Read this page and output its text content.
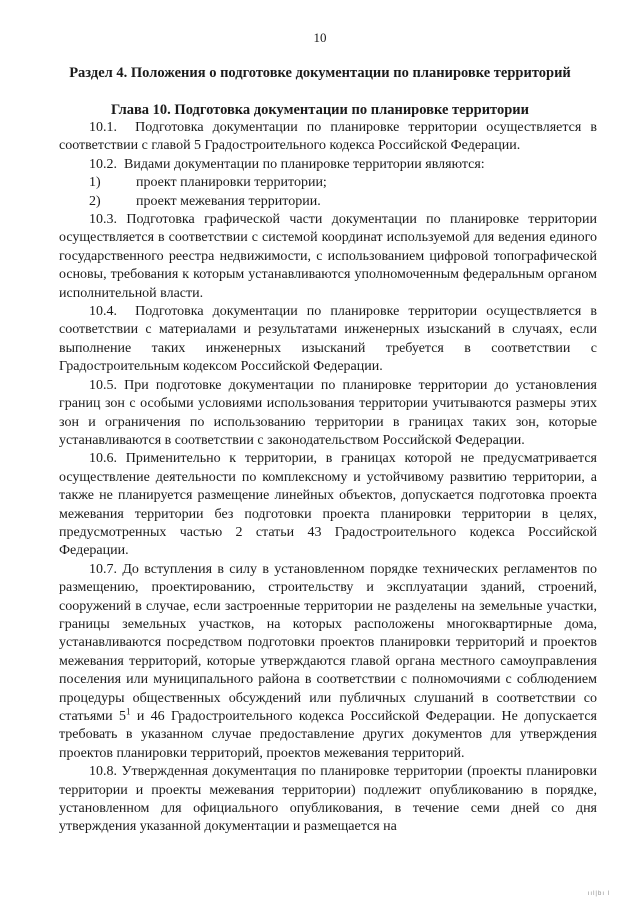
10
Раздел 4. Положения о подготовке документации по планировке территорий
Глава 10. Подготовка документации по планировке территории

10.1. Подготовка документации по планировке территории осуществляется в соответствии с главой 5 Градостроительного кодекса Российской Федерации.

10.2. Видами документации по планировке территории являются:

1)	проект планировки территории;

2)	проект межевания территории.

10.3. Подготовка графической части документации по планировке территории осуществляется в соответствии с системой координат используемой для ведения единого государственного реестра недвижимости, с использованием цифровой топографической основы, требования к которым устанавливаются уполномоченным федеральным органом исполнительной власти.

10.4. Подготовка документации по планировке территории осуществляется в соответствии с материалами и результатами инженерных изысканий в случаях, если выполнение таких инженерных изысканий требуется в соответствии с Градостроительным кодексом Российской Федерации.

10.5. При подготовке документации по планировке территории до установления границ зон с особыми условиями использования территории учитываются размеры этих зон и ограничения по использованию территории в границах таких зон, которые устанавливаются в соответствии с законодательством Российской Федерации.

10.6. Применительно к территории, в границах которой не предусматривается осуществление деятельности по комплексному и устойчивому развитию территории, а также не планируется размещение линейных объектов, допускается подготовка проекта межевания территории без подготовки проекта планировки территории в целях, предусмотренных частью 2 статьи 43 Градостроительного кодекса Российской Федерации.

10.7. До вступления в силу в установленном порядке технических регламентов по размещению, проектированию, строительству и эксплуатации зданий, строений, сооружений в случае, если застроенные территории не разделены на земельные участки, границы земельных участков, на которых расположены многоквартирные дома, устанавливаются посредством подготовки проектов планировки территорий и проектов межевания территорий, которые утверждаются главой органа местного самоуправления поселения или муниципального района в соответствии с полномочиями с соблюдением процедуры общественных обсуждений или публичных слушаний в соответствии со статьями $5^1$ и 46 Градостроительного кодекса Российской Федерации. Не допускается требовать в указанном случае предоставление других документов для утверждения проектов планировки территорий, проектов межевания территорий.

10.8. Утвержденная документация по планировке территории (проекты планировки территории и проекты межевания территории) подлежит опубликованию в порядке, установленном для официального опубликования, в течение семи дней со дня утверждения указанной документации и размещается на

ııl|bı l
